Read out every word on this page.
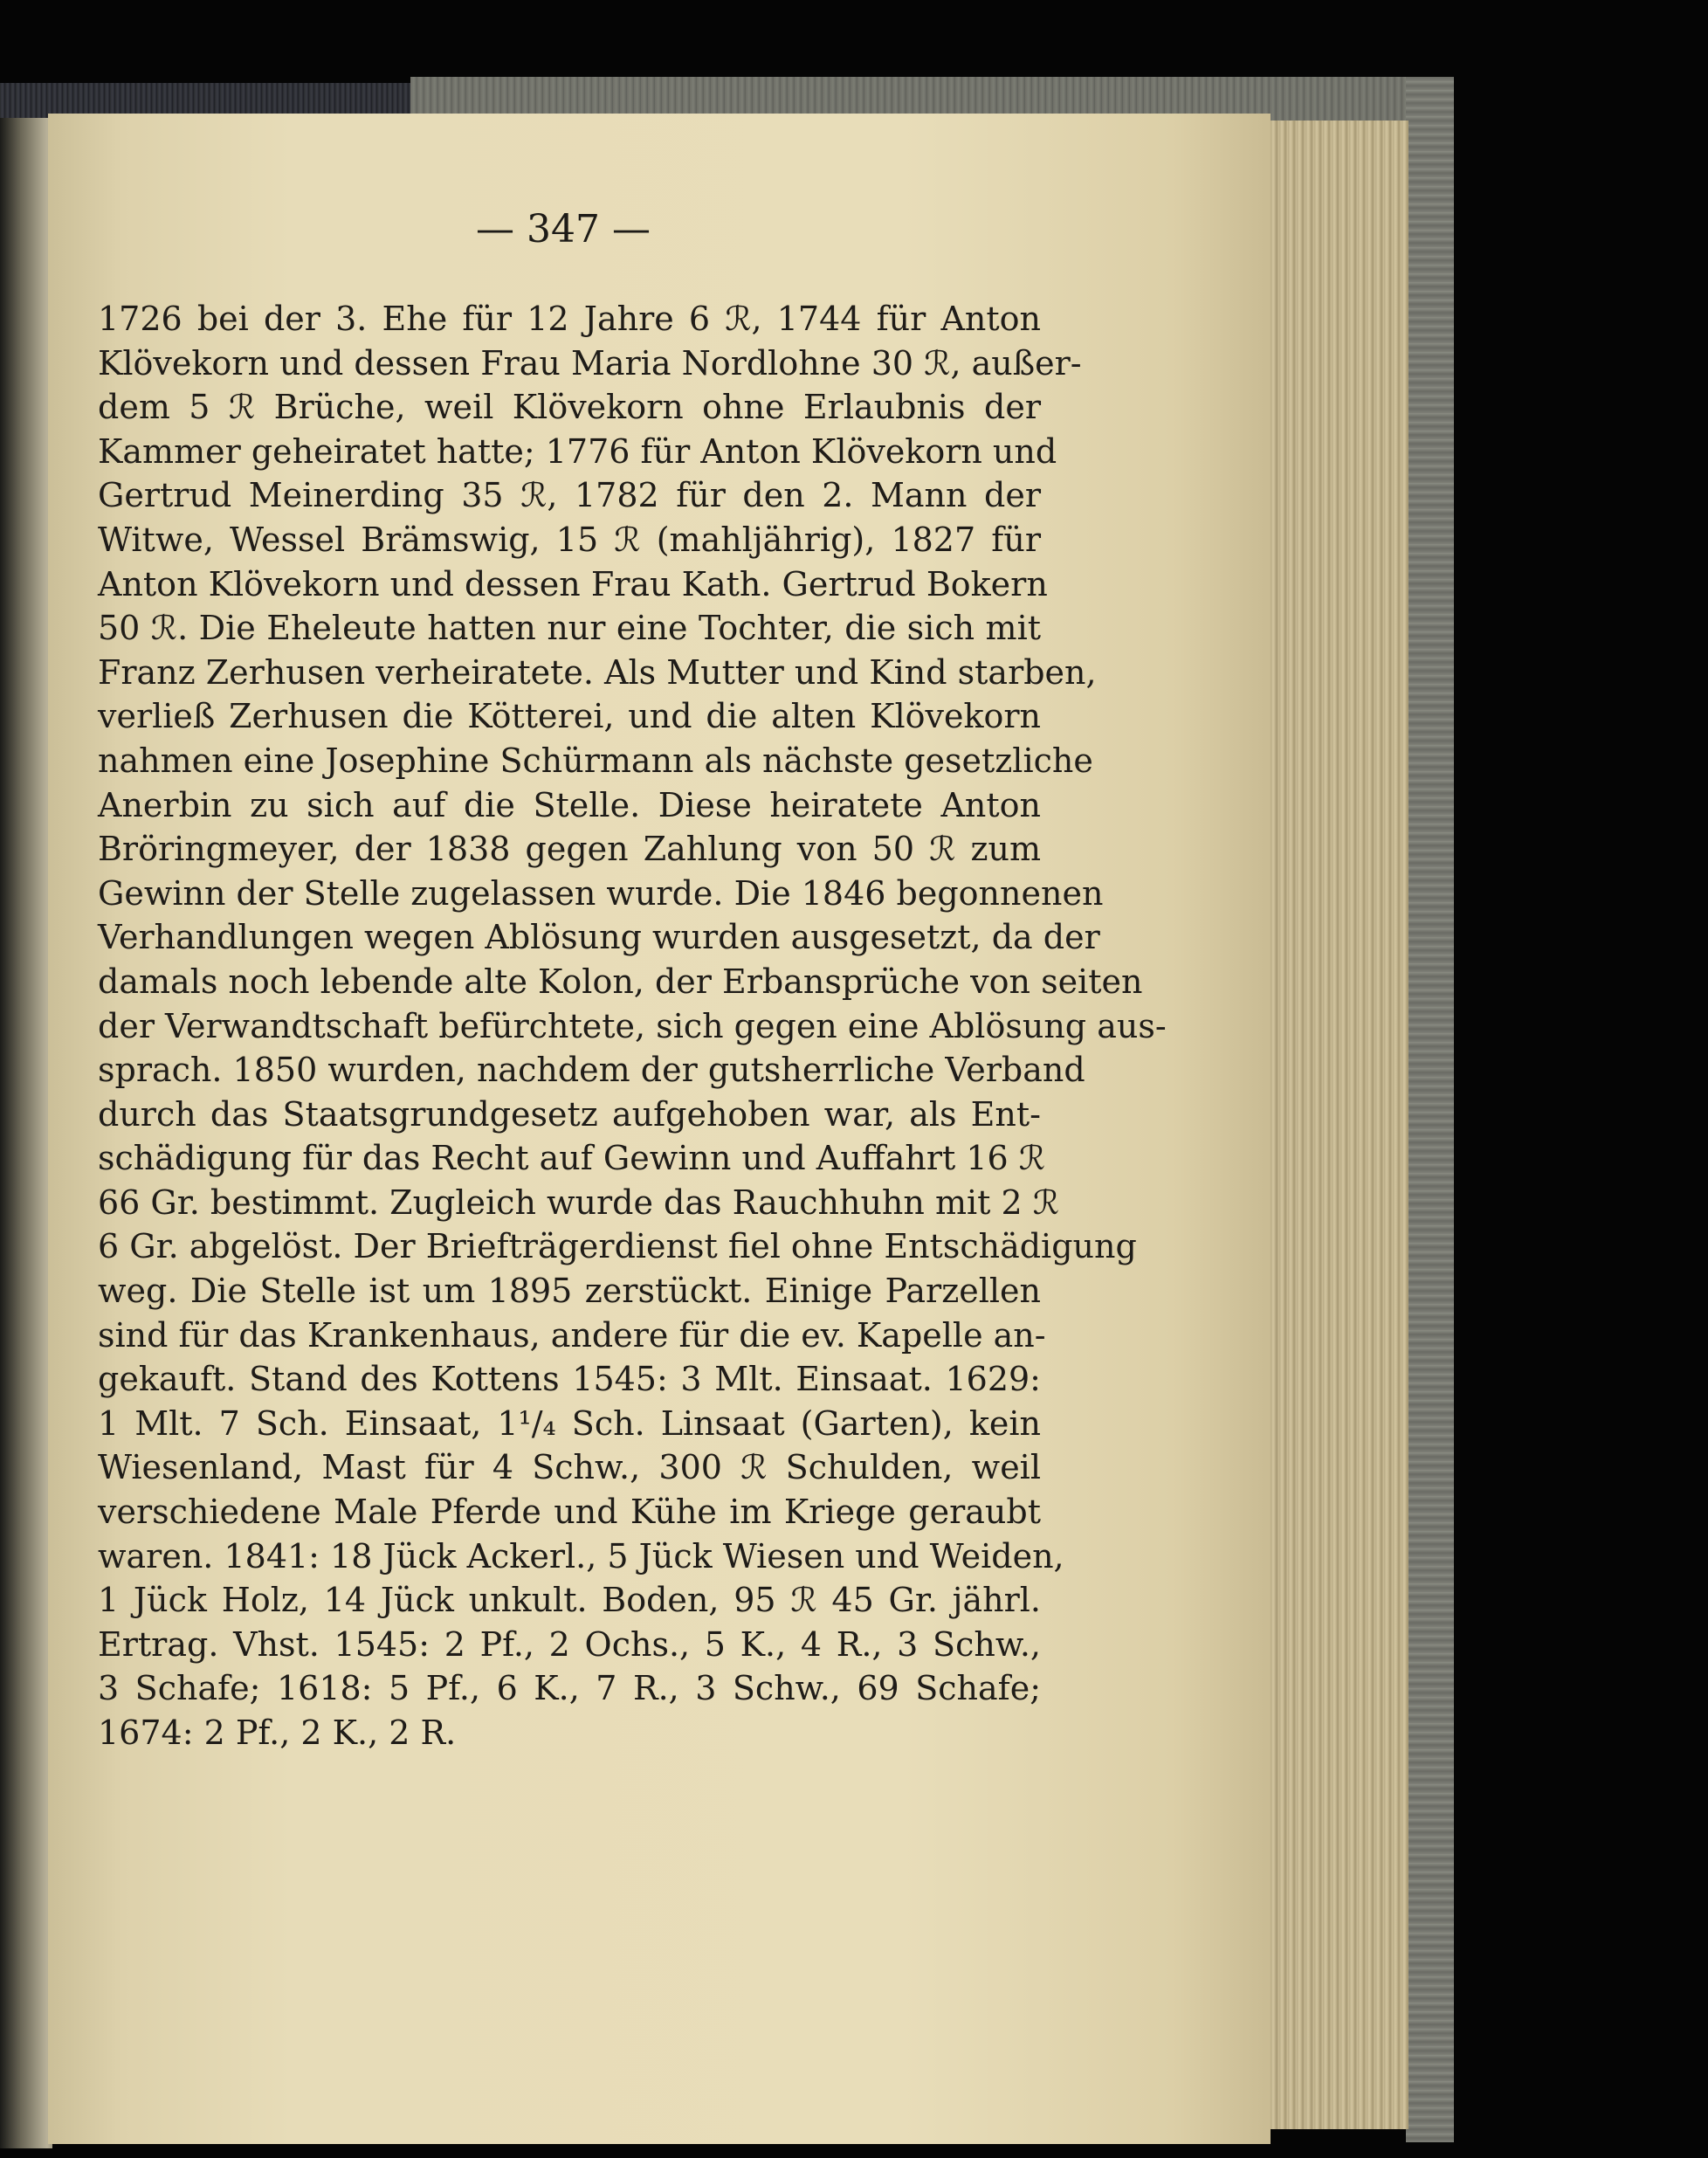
— 347 —
1726 bei der 3. Ehe für 12 Jahre 6 ℛ, 1744 für Anton
Klövekorn und dessen Frau Maria Nordlohne 30 ℛ, außer-
dem 5 ℛ Brüche, weil Klövekorn ohne Erlaubnis der
Kammer geheiratet hatte; 1776 für Anton Klövekorn und
Gertrud Meinerding 35 ℛ, 1782 für den 2. Mann der
Witwe, Wessel Brämswig, 15 ℛ (mahljährig), 1827 für
Anton Klövekorn und dessen Frau Kath. Gertrud Bokern
50 ℛ. Die Eheleute hatten nur eine Tochter, die sich mit
Franz Zerhusen verheiratete. Als Mutter und Kind starben,
verließ Zerhusen die Kötterei, und die alten Klövekorn
nahmen eine Josephine Schürmann als nächste gesetzliche
Anerbin zu sich auf die Stelle. Diese heiratete Anton
Bröringmeyer, der 1838 gegen Zahlung von 50 ℛ zum
Gewinn der Stelle zugelassen wurde. Die 1846 begonnenen
Verhandlungen wegen Ablösung wurden ausgesetzt, da der
damals noch lebende alte Kolon, der Erbansprüche von seiten
der Verwandtschaft befürchtete, sich gegen eine Ablösung aus-
sprach. 1850 wurden, nachdem der gutsherrliche Verband
durch das Staatsgrundgesetz aufgehoben war, als Ent-
schädigung für das Recht auf Gewinn und Auffahrt 16 ℛ
66 Gr. bestimmt. Zugleich wurde das Rauchhuhn mit 2 ℛ
6 Gr. abgelöst. Der Briefträgerdienst fiel ohne Entschädigung
weg. Die Stelle ist um 1895 zerstückt. Einige Parzellen
sind für das Krankenhaus, andere für die ev. Kapelle an-
gekauft. Stand des Kottens 1545: 3 Mlt. Einsaat. 1629:
1 Mlt. 7 Sch. Einsaat, 1¹/₄ Sch. Linsaat (Garten), kein
Wiesenland, Mast für 4 Schw., 300 ℛ Schulden, weil
verschiedene Male Pferde und Kühe im Kriege geraubt
waren. 1841: 18 Jück Ackerl., 5 Jück Wiesen und Weiden,
1 Jück Holz, 14 Jück unkult. Boden, 95 ℛ 45 Gr. jährl.
Ertrag. Vhst. 1545: 2 Pf., 2 Ochs., 5 K., 4 R., 3 Schw.,
3 Schafe; 1618: 5 Pf., 6 K., 7 R., 3 Schw., 69 Schafe;
1674: 2 Pf., 2 K., 2 R.
